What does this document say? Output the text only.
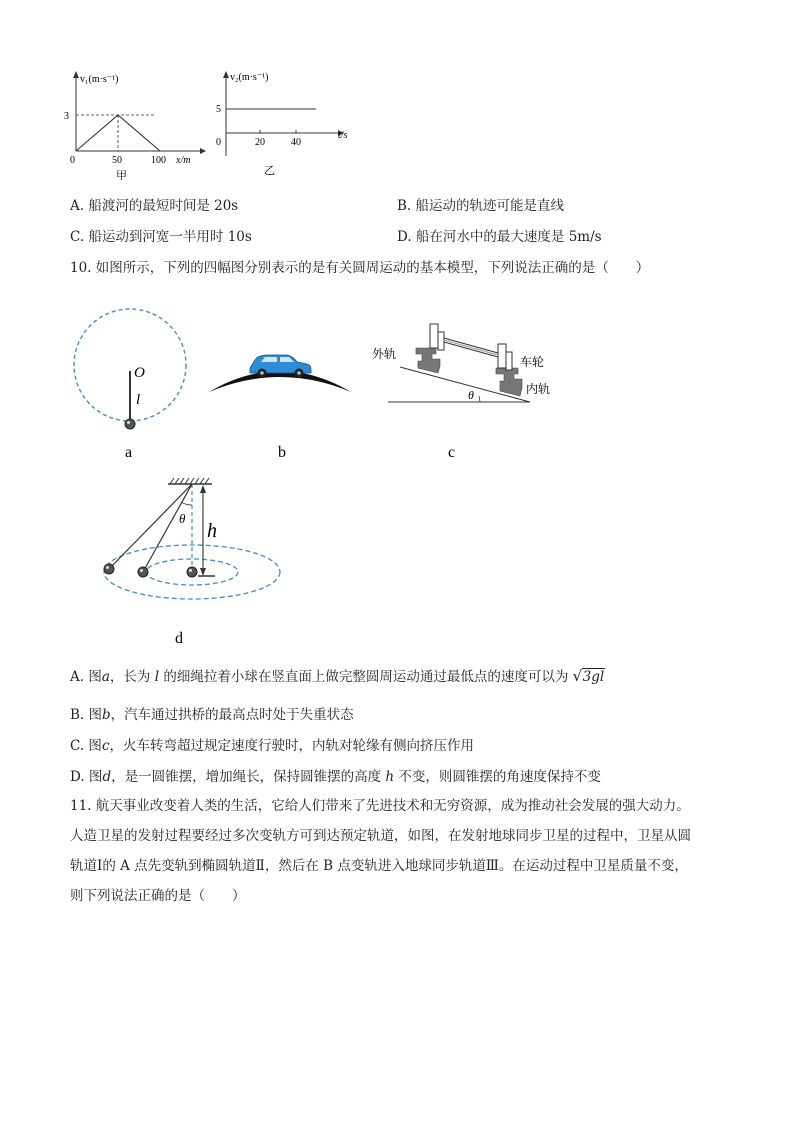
v₁(m·s⁻¹)
3
0	50	100 x/m
甲
v₂(m·s⁻¹)
5
0	20	40
t/s
乙
A. 船渡河的最短时间是 20s	B. 船运动的轨迹可能是直线
C. 船运动到河宽一半用时 10s	D. 船在河水中的最大速度是 5m/s
10. 如图所示，下列的四幅图分别表示的是有关圆周运动的基本模型，下列说法正确的是（　　）
O
l
a	b
θ
外轨
车轮
内轨
c
θ
h
d
A. 图a，长为 l 的细绳拉着小球在竖直面上做完整圆周运动通过最低点的速度可以为 √ 3gl
B. 图b，汽车通过拱桥的最高点时处于失重状态
C. 图c，火车转弯超过规定速度行驶时，内轨对轮缘有侧向挤压作用
D. 图d，是一圆锥摆，增加绳长，保持圆锥摆的高度 h 不变，则圆锥摆的角速度保持不变
11. 航天事业改变着人类的生活，它给人们带来了先进技术和无穷资源，成为推动社会发展的强大动力。
人造卫星的发射过程要经过多次变轨方可到达预定轨道，如图，在发射地球同步卫星的过程中，卫星从圆
轨道Ⅰ的 A 点先变轨到椭圆轨道Ⅱ，然后在 B 点变轨进入地球同步轨道Ⅲ。在运动过程中卫星质量不变，
则下列说法正确的是（　　）
